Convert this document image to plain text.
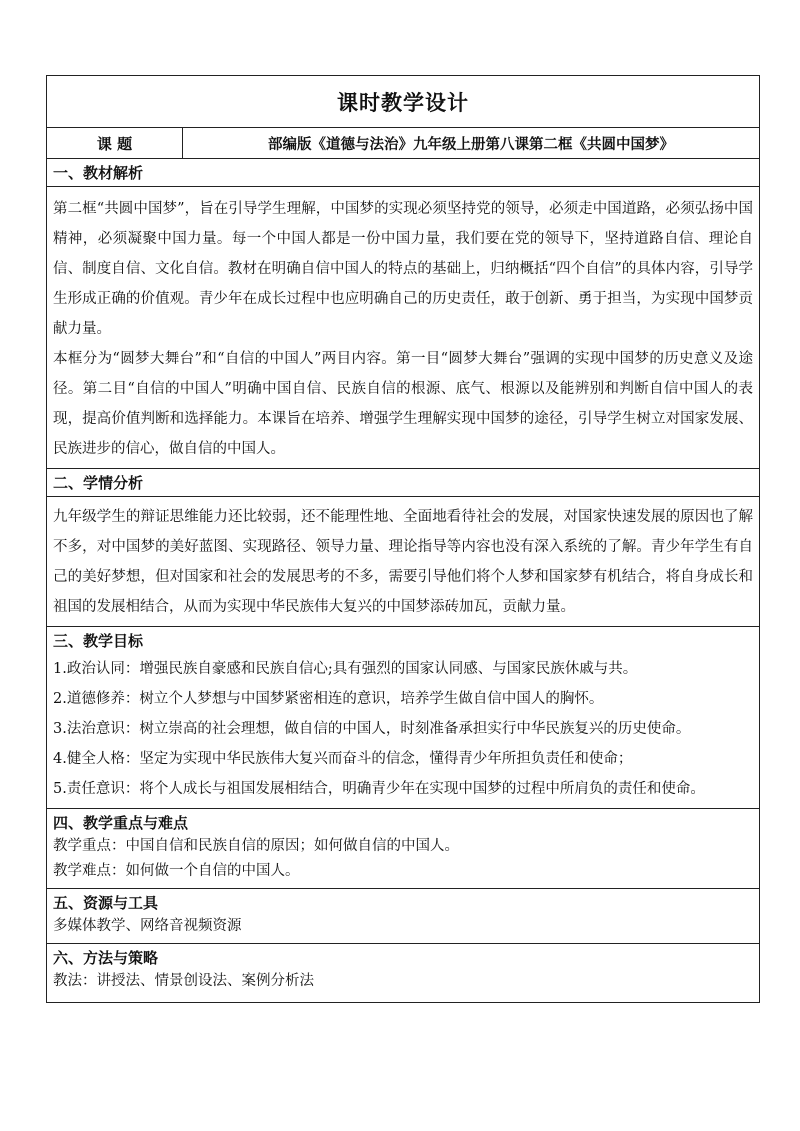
课时教学设计
课 题	部编版《道德与法治》九年级上册第八课第二框《共圆中国梦》
一、教材解析

第二框“共圆中国梦”，旨在引导学生理解，中国梦的实现必须坚持党的领导，必须走中国道路，必须弘扬中国精神，必须凝聚中国力量。每一个中国人都是一份中国力量，我们要在党的领导下，坚持道路自信、理论自信、制度自信、文化自信。教材在明确自信中国人的特点的基础上，归纳概括“四个自信”的具体内容，引导学生形成正确的价值观。青少年在成长过程中也应明确自己的历史责任，敢于创新、勇于担当，为实现中国梦贡献力量。

本框分为“圆梦大舞台”和“自信的中国人”两目内容。第一目“圆梦大舞台”强调的实现中国梦的历史意义及途径。第二目“自信的中国人”明确中国自信、民族自信的根源、底气、根源以及能辨别和判断自信中国人的表现，提高价值判断和选择能力。本课旨在培养、增强学生理解实现中国梦的途径，引导学生树立对国家发展、民族进步的信心，做自信的中国人。

二、学情分析

九年级学生的辩证思维能力还比较弱，还不能理性地、全面地看待社会的发展，对国家快速发展的原因也了解不多，对中国梦的美好蓝图、实现路径、领导力量、理论指导等内容也没有深入系统的了解。青少年学生有自己的美好梦想，但对国家和社会的发展思考的不多，需要引导他们将个人梦和国家梦有机结合，将自身成长和祖国的发展相结合，从而为实现中华民族伟大复兴的中国梦添砖加瓦，贡献力量。

三、教学目标

1.政治认同：增强民族自豪感和民族自信心;具有强烈的国家认同感、与国家民族休戚与共。

2.道德修养：树立个人梦想与中国梦紧密相连的意识，培养学生做自信中国人的胸怀。

3.法治意识：树立崇高的社会理想，做自信的中国人，时刻准备承担实行中华民族复兴的历史使命。

4.健全人格：坚定为实现中华民族伟大复兴而奋斗的信念，懂得青少年所担负责任和使命；

5.责任意识：将个人成长与祖国发展相结合，明确青少年在实现中国梦的过程中所肩负的责任和使命。

四、教学重点与难点

教学重点：中国自信和民族自信的原因；如何做自信的中国人。

教学难点：如何做一个自信的中国人。

五、资源与工具

多媒体教学、网络音视频资源

六、方法与策略

教法：讲授法、情景创设法、案例分析法
